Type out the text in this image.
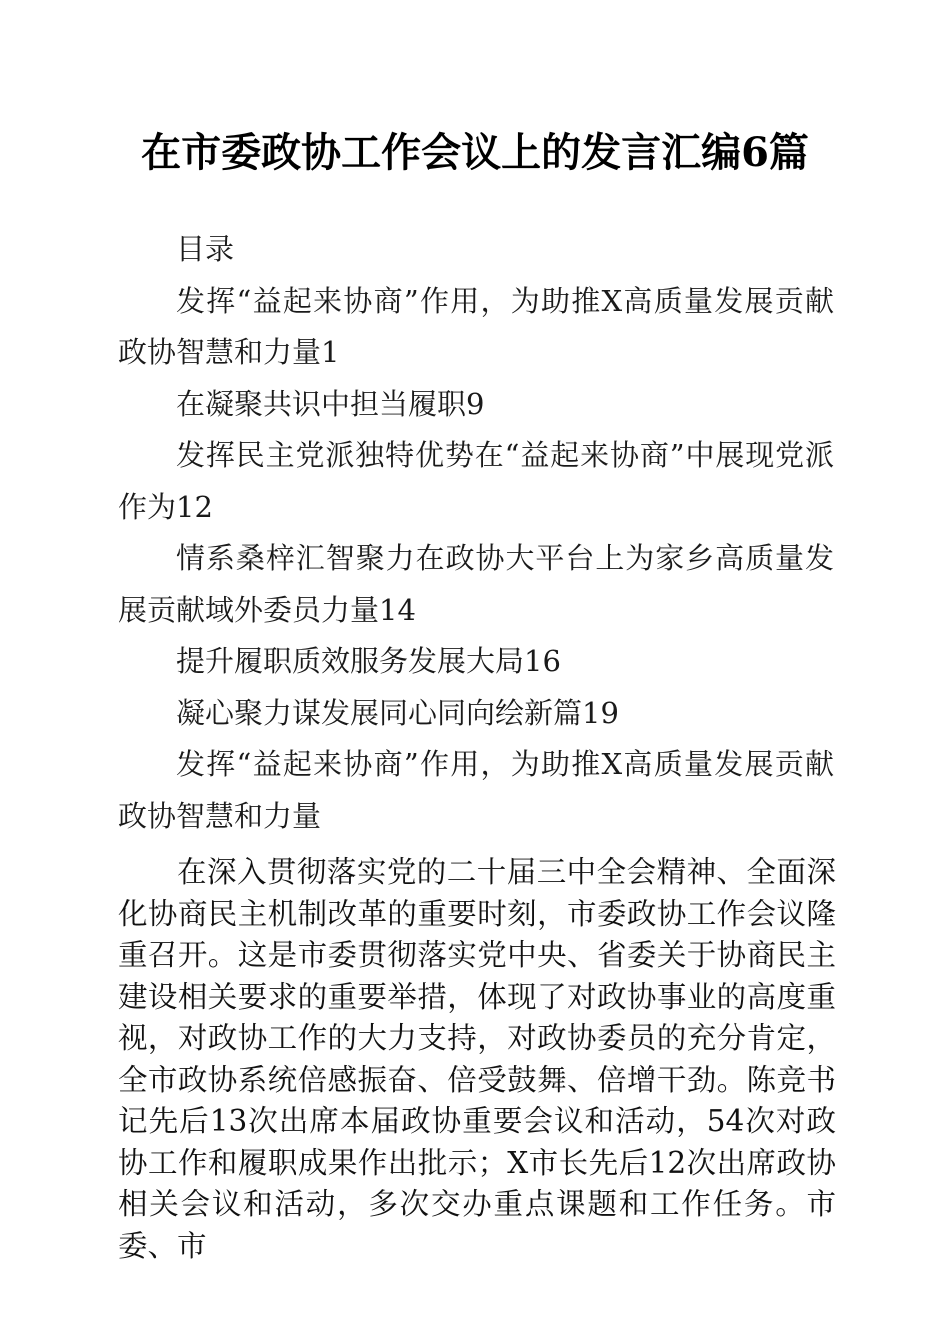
在市委政协工作会议上的发言汇编6篇

目录

发挥“益起来协商”作用，为助推X高质量发展贡献政协智慧和力量1

在凝聚共识中担当履职9

发挥民主党派独特优势在“益起来协商”中展现党派作为12

情系桑梓汇智聚力在政协大平台上为家乡高质量发展贡献域外委员力量14

提升履职质效服务发展大局16

凝心聚力谋发展同心同向绘新篇19

发挥“益起来协商”作用，为助推X高质量发展贡献政协智慧和力量

在深入贯彻落实党的二十届三中全会精神、全面深化协商民主机制改革的重要时刻，市委政协工作会议隆重召开。这是市委贯彻落实党中央、省委关于协商民主建设相关要求的重要举措，体现了对政协事业的高度重视，对政协工作的大力支持，对政协委员的充分肯定，全市政协系统倍感振奋、倍受鼓舞、倍增干劲。陈竞书记先后13次出席本届政协重要会议和活动，54次对政协工作和履职成果作出批示；X市长先后12次出席政协相关会议和活动，多次交办重点课题和工作任务。市委、市
